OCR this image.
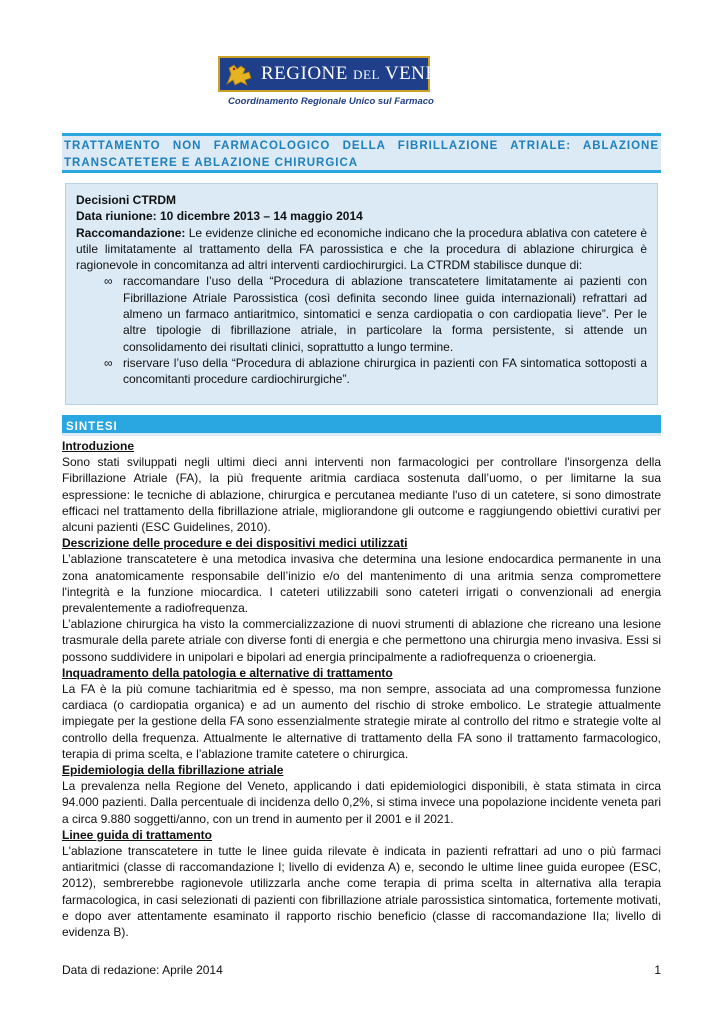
REGIONE DEL VENETO
Coordinamento Regionale Unico sul Farmaco

TRATTAMENTO NON FARMACOLOGICO DELLA FIBRILLAZIONE ATRIALE: ABLAZIONE TRANSCATETERE E ABLAZIONE CHIRURGICA

Decisioni CTRDM

Data riunione: 10 dicembre 2013 – 14 maggio 2014

Raccomandazione: Le evidenze cliniche ed economiche indicano che la procedura ablativa con catetere è utile limitatamente al trattamento della FA parossistica e che la procedura di ablazione chirurgica è ragionevole in concomitanza ad altri interventi cardiochirurgici. La CTRDM stabilisce dunque di:

∞ raccomandare l’uso della “Procedura di ablazione transcatetere limitatamente ai pazienti con Fibrillazione Atriale Parossistica (così definita secondo linee guida internazionali) refrattari ad almeno un farmaco antiaritmico, sintomatici e senza cardiopatia o con cardiopatia lieve”. Per le altre tipologie di fibrillazione atriale, in particolare la forma persistente, si attende un consolidamento dei risultati clinici, soprattutto a lungo termine.
∞ riservare l’uso della “Procedura di ablazione chirurgica in pazienti con FA sintomatica sottoposti a concomitanti procedure cardiochirurgiche”.
SINTESI
Introduzione

Sono stati sviluppati negli ultimi dieci anni interventi non farmacologici per controllare l'insorgenza della Fibrillazione Atriale (FA), la più frequente aritmia cardiaca sostenuta dall’uomo, o per limitarne la sua espressione: le tecniche di ablazione, chirurgica e percutanea mediante l'uso di un catetere, si sono dimostrate efficaci nel trattamento della fibrillazione atriale, migliorandone gli outcome e raggiungendo obiettivi curativi per alcuni pazienti (ESC Guidelines, 2010).

Descrizione delle procedure e dei dispositivi medici utilizzati

L’ablazione transcatetere è una metodica invasiva che determina una lesione endocardica permanente in una zona anatomicamente responsabile dell’inizio e/o del mantenimento di una aritmia senza compromettere l'integrità e la funzione miocardica. I cateteri utilizzabili sono cateteri irrigati o convenzionali ad energia prevalentemente a radiofrequenza.

L’ablazione chirurgica ha visto la commercializzazione di nuovi strumenti di ablazione che ricreano una lesione trasmurale della parete atriale con diverse fonti di energia e che permettono una chirurgia meno invasiva. Essi si possono suddividere in unipolari e bipolari ad energia principalmente a radiofrequenza o crioenergia.

Inquadramento della patologia e alternative di trattamento

La FA è la più comune tachiaritmia ed è spesso, ma non sempre, associata ad una compromessa funzione cardiaca (o cardiopatia organica) e ad un aumento del rischio di stroke embolico. Le strategie attualmente impiegate per la gestione della FA sono essenzialmente strategie mirate al controllo del ritmo e strategie volte al controllo della frequenza. Attualmente le alternative di trattamento della FA sono il trattamento farmacologico, terapia di prima scelta, e l’ablazione tramite catetere o chirurgica.

Epidemiologia della fibrillazione atriale

La prevalenza nella Regione del Veneto, applicando i dati epidemiologici disponibili, è stata stimata in circa 94.000 pazienti. Dalla percentuale di incidenza dello 0,2%, si stima invece una popolazione incidente veneta pari a circa 9.880 soggetti/anno, con un trend in aumento per il 2001 e il 2021.

Linee guida di trattamento

L'ablazione transcatetere in tutte le linee guida rilevate è indicata in pazienti refrattari ad uno o più farmaci antiaritmici (classe di raccomandazione I; livello di evidenza A) e, secondo le ultime linee guida europee (ESC, 2012), sembrerebbe ragionevole utilizzarla anche come terapia di prima scelta in alternativa alla terapia farmacologica, in casi selezionati di pazienti con fibrillazione atriale parossistica sintomatica, fortemente motivati, e dopo aver attentamente esaminato il rapporto rischio beneficio (classe di raccomandazione IIa; livello di evidenza B).

Data di redazione: Aprile 2014	1
